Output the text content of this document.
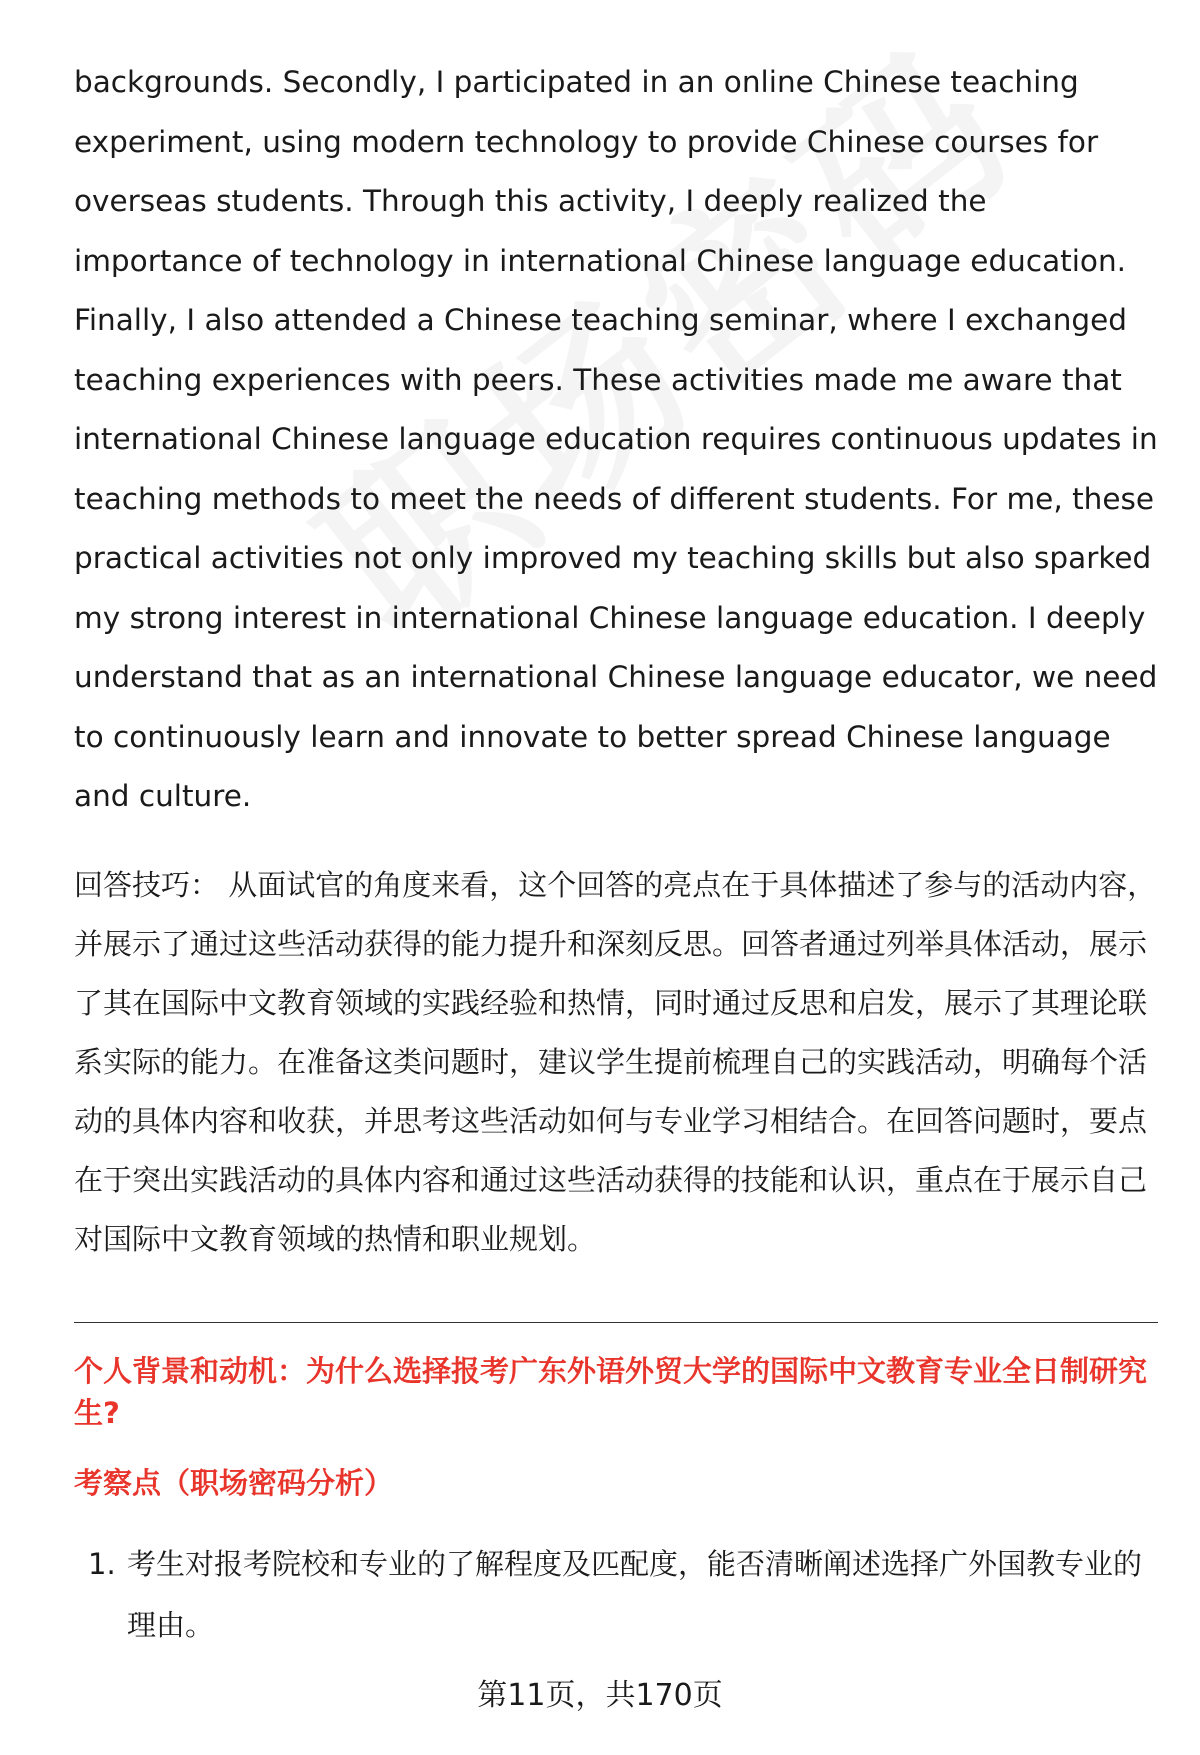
backgrounds. Secondly, I participated in an online Chinese teaching experiment, using modern technology to provide Chinese courses for overseas students. Through this activity, I deeply realized the importance of technology in international Chinese language education. Finally, I also attended a Chinese teaching seminar, where I exchanged teaching experiences with peers. These activities made me aware that international Chinese language education requires continuous updates in teaching methods to meet the needs of different students. For me, these practical activities not only improved my teaching skills but also sparked my strong interest in international Chinese language education. I deeply understand that as an international Chinese language educator, we need to continuously learn and innovate to better spread Chinese language and culture.

回答技巧： 从面试官的角度来看，这个回答的亮点在于具体描述了参与的活动内容，并展示了通过这些活动获得的能力提升和深刻反思。回答者通过列举具体活动，展示了其在国际中文教育领域的实践经验和热情，同时通过反思和启发，展示了其理论联系实际的能力。在准备这类问题时，建议学生提前梳理自己的实践活动，明确每个活动的具体内容和收获，并思考这些活动如何与专业学习相结合。在回答问题时，要点在于突出实践活动的具体内容和通过这些活动获得的技能和认识，重点在于展示自己对国际中文教育领域的热情和职业规划。

个人背景和动机：为什么选择报考广东外语外贸大学的国际中文教育专业全日制研究生?

考察点（职场密码分析）

1. 考生对报考院校和专业的了解程度及匹配度，能否清晰阐述选择广外国教专业的理由。
第11页，共170页
